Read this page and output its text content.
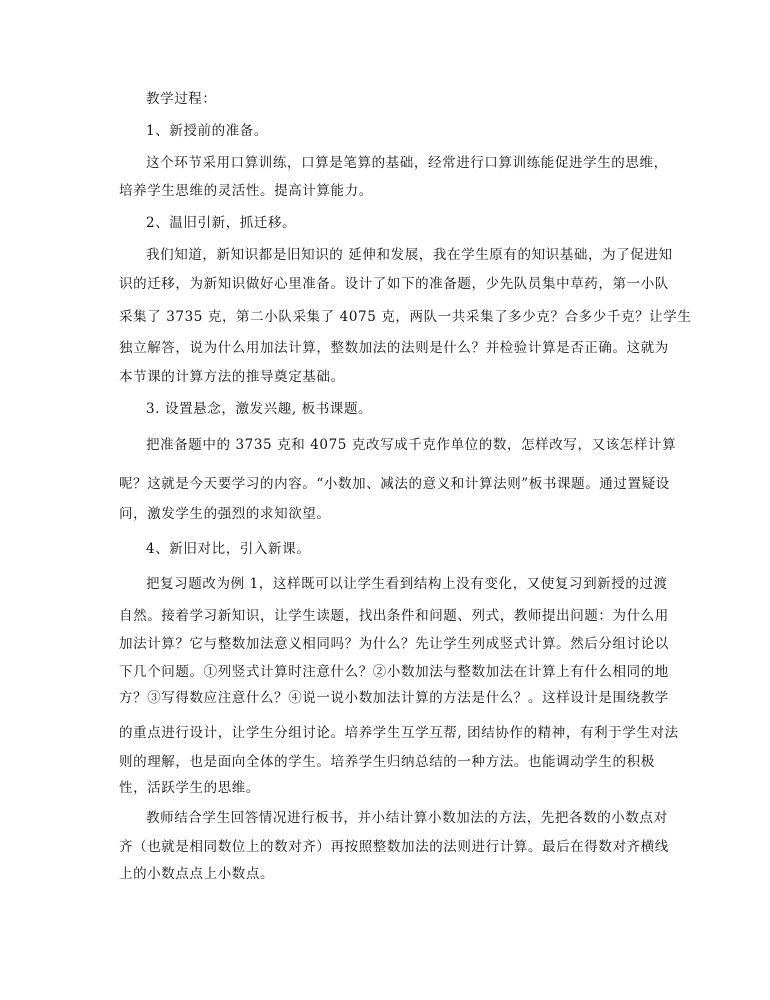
教学过程：
1、新授前的准备。
这个环节采用口算训练，口算是笔算的基础，经常进行口算训练能促进学生的思维，
培养学生思维的灵活性。提高计算能力。
2、温旧引新，抓迁移。
我们知道，新知识都是旧知识的 延伸和发展，我在学生原有的知识基础，为了促进知
识的迁移，为新知识做好心里准备。设计了如下的准备题，少先队员集中草药，第一小队
采集了 3735 克，第二小队采集了 4075 克，两队一共采集了多少克？合多少千克？让学生
独立解答，说为什么用加法计算，整数加法的法则是什么？并检验计算是否正确。这就为
本节课的计算方法的推导奠定基础。
3. 设置悬念，激发兴趣, 板书课题。
把准备题中的 3735 克和 4075 克改写成千克作单位的数，怎样改写，又该怎样计算
呢？这就是今天要学习的内容。“小数加、减法的意义和计算法则”板书课题。通过置疑设
问，激发学生的强烈的求知欲望。
4、新旧对比，引入新课。
把复习题改为例 1，这样既可以让学生看到结构上没有变化，又使复习到新授的过渡
自然。接着学习新知识，让学生读题，找出条件和问题、列式，教师提出问题：为什么用
加法计算？它与整数加法意义相同吗？为什么？先让学生列成竖式计算。然后分组讨论以
下几个问题。①列竖式计算时注意什么？②小数加法与整数加法在计算上有什么相同的地
方？③写得数应注意什么？④说一说小数加法计算的方法是什么？。这样设计是围绕教学
的重点进行设计，让学生分组讨论。培养学生互学互帮, 团结协作的精神，有利于学生对法
则的理解，也是面向全体的学生。培养学生归纳总结的一种方法。也能调动学生的积极
性，活跃学生的思维。
教师结合学生回答情况进行板书，并小结计算小数加法的方法，先把各数的小数点对
齐（也就是相同数位上的数对齐）再按照整数加法的法则进行计算。最后在得数对齐横线
上的小数点点上小数点。
